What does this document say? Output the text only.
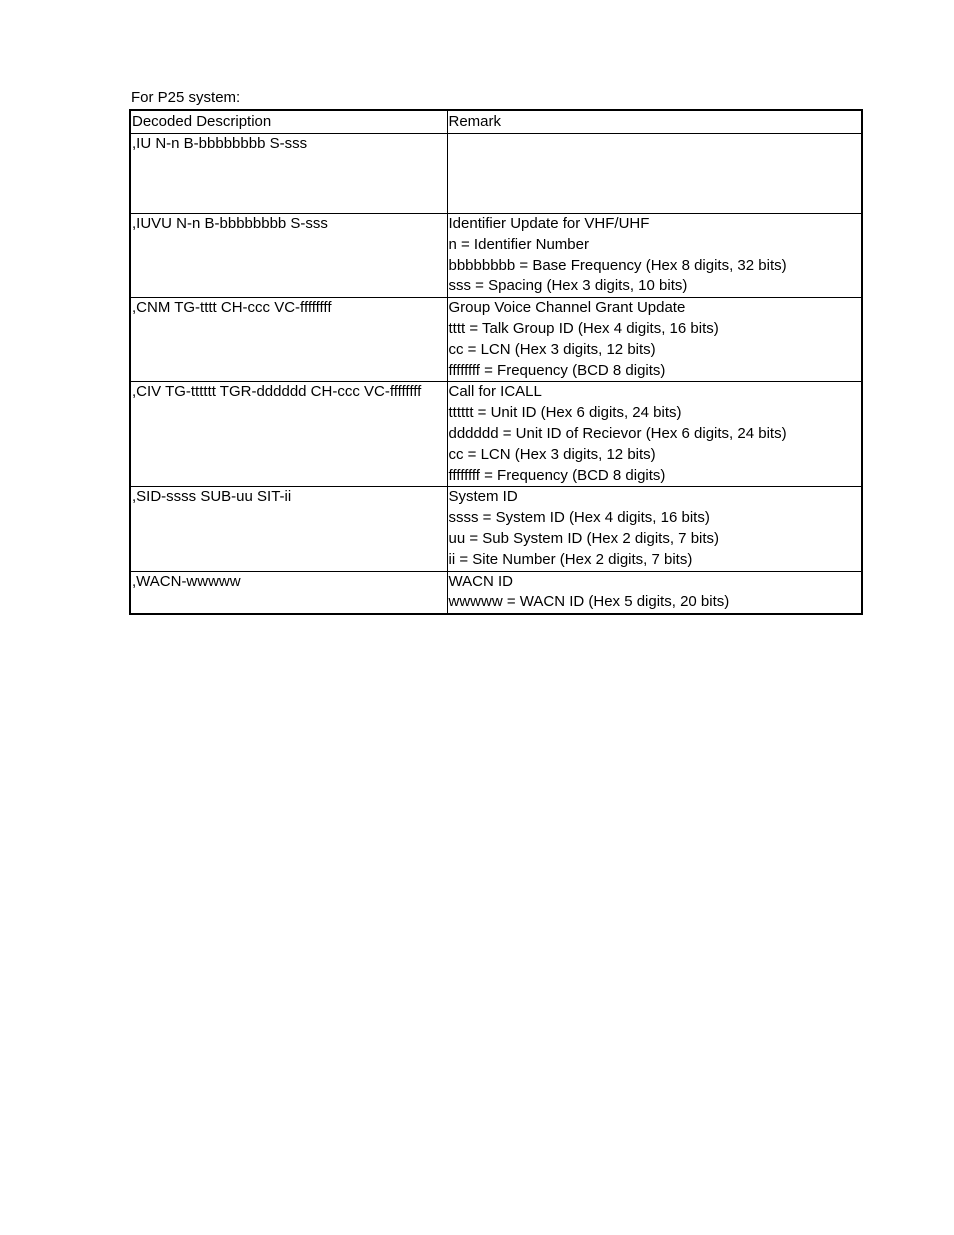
For P25 system:
Decoded Description	Remark
,IU N-n B-bbbbbbbb S-sss	
,IUVU N-n B-bbbbbbbb S-sss	Identifier Update for VHF/UHF
n = Identifier Number
bbbbbbbb = Base Frequency (Hex 8 digits, 32 bits)
sss = Spacing (Hex 3 digits, 10 bits)

,CNM TG-tttt CH-ccc VC-ffffffff	Group Voice Channel Grant Update
tttt = Talk Group ID (Hex 4 digits, 16 bits)
cc = LCN (Hex 3 digits, 12 bits)
ffffffff = Frequency (BCD 8 digits)

,CIV TG-tttttt TGR-dddddd CH-ccc VC-ffffffff	Call for ICALL
tttttt = Unit ID (Hex 6 digits, 24 bits)
dddddd = Unit ID of Recievor (Hex 6 digits, 24 bits)
cc = LCN (Hex 3 digits, 12 bits)
ffffffff = Frequency (BCD 8 digits)

,SID-ssss SUB-uu SIT-ii	System ID
ssss = System ID (Hex 4 digits, 16 bits)
uu = Sub System ID (Hex 2 digits, 7 bits)
ii = Site Number (Hex 2 digits, 7 bits)

,WACN-wwwww	WACN ID
wwwww = WACN ID (Hex 5 digits, 20 bits)
